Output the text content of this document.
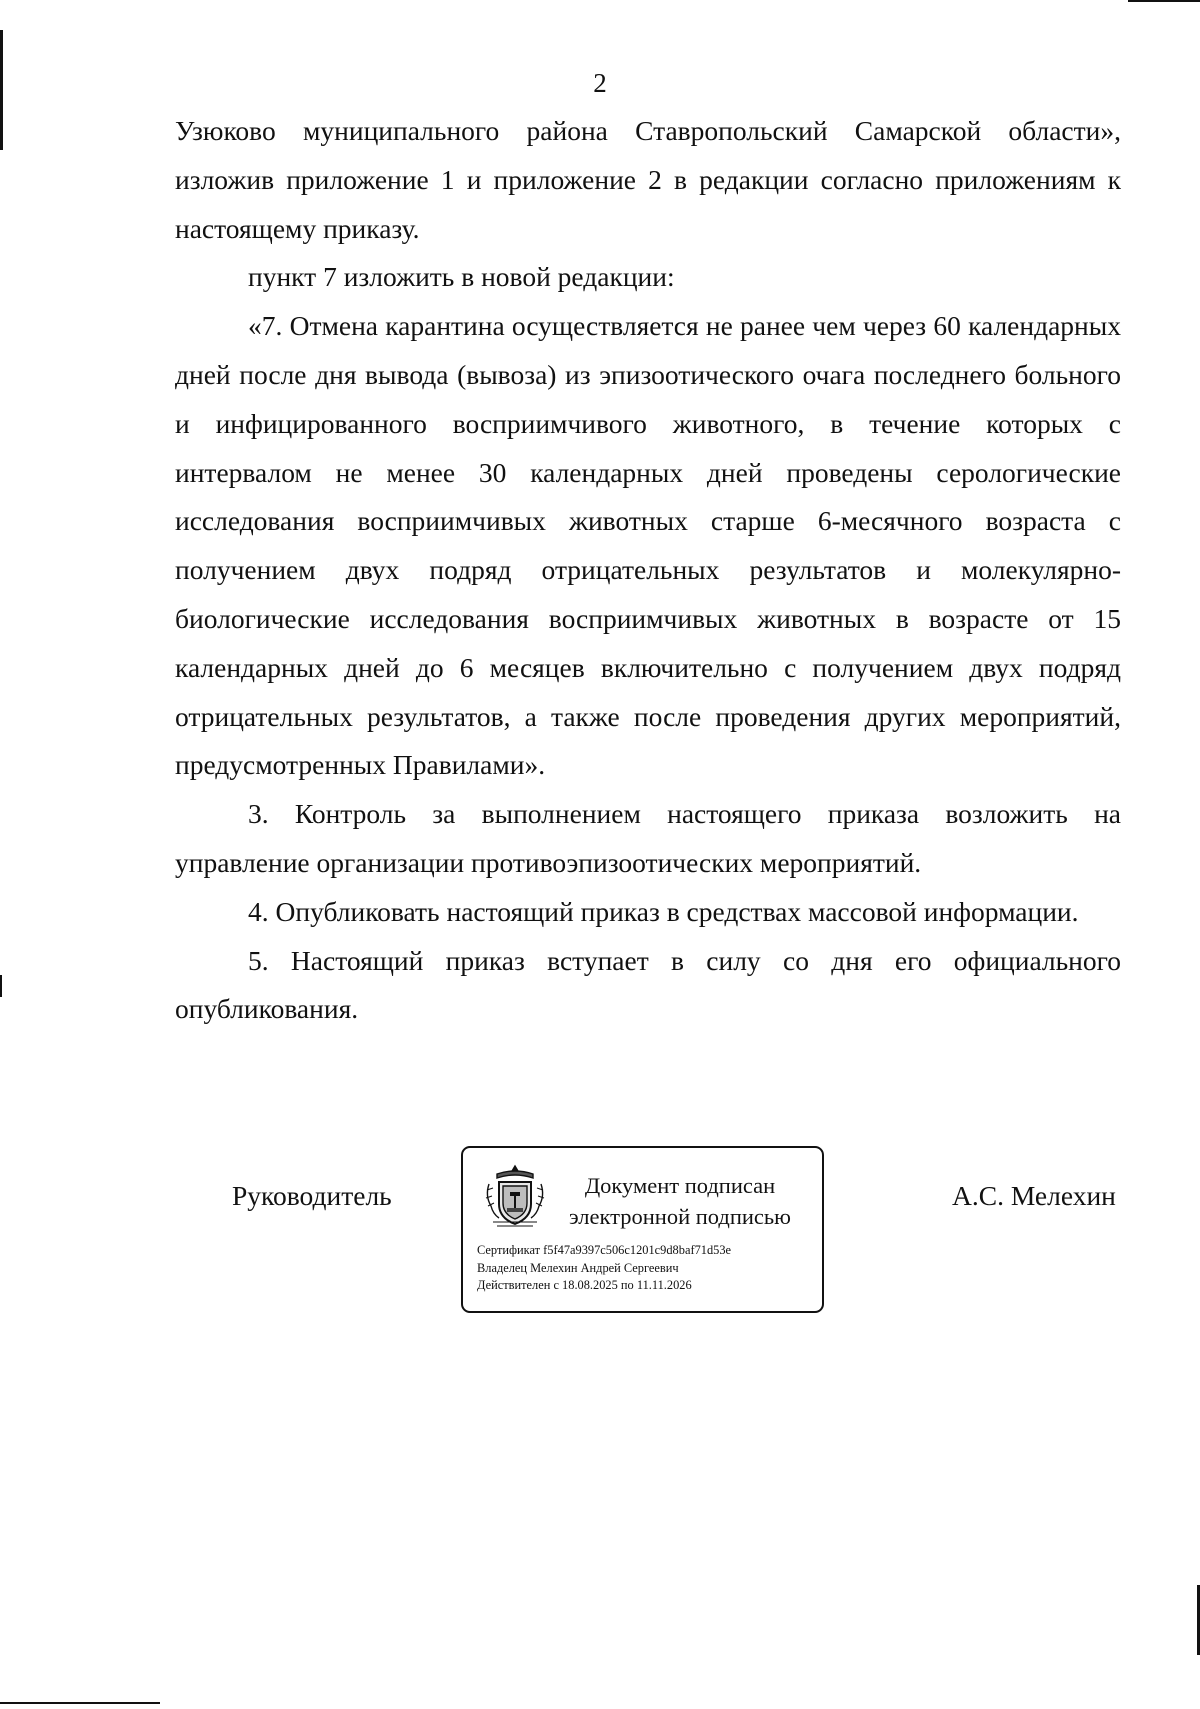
2

Узюково муниципального района Ставропольский Самарской области», изложив приложение 1 и приложение 2 в редакции согласно приложениям к настоящему приказу.

пункт 7 изложить в новой редакции:

«7. Отмена карантина осуществляется не ранее чем через 60 календарных дней после дня вывода (вывоза) из эпизоотического очага последнего больного и инфицированного восприимчивого животного, в течение которых с интервалом не менее 30 календарных дней проведены серологические исследования восприимчивых животных старше 6-месячного возраста с получением двух подряд отрицательных результатов и молекулярно-биологические исследования восприимчивых животных в возрасте от 15 календарных дней до 6 месяцев включительно с получением двух подряд отрицательных результатов, а также после проведения других мероприятий, предусмотренных Правилами».

3. Контроль за выполнением настоящего приказа возложить на управление организации противоэпизоотических мероприятий.

4. Опубликовать настоящий приказ в средствах массовой информации.

5. Настоящий приказ вступает в силу со дня его официального опубликования.

Руководитель	Документ подписан
электронной подписью
Сертификат f5f47a9397c506c1201c9d8baf71d53e
Владелец Мелехин Андрей Сергеевич
Действителен с 18.08.2025 по 11.11.2026
А.С. Мелехин
